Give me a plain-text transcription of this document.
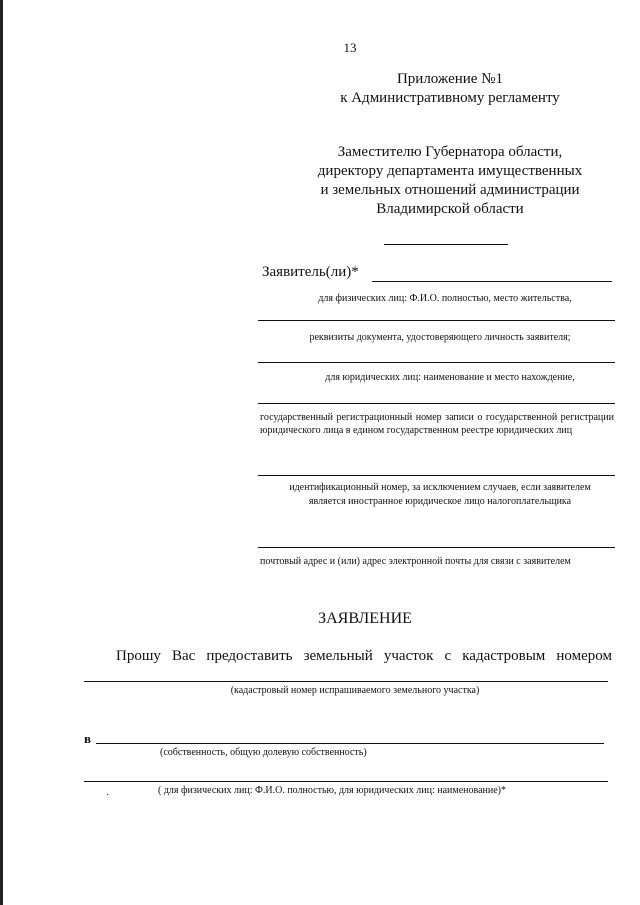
13
Приложение №1
к Административному регламенту
Заместителю Губернатора области,
директору департамента имущественных
и земельных отношений администрации
Владимирской области
Заявитель(ли)*
для физических лиц: Ф.И.О. полностью, место жительства,
реквизиты документа, удостоверяющего личность заявителя;
для юридических лиц: наименование и место нахождение,
государственный регистрационный номер записи о государственной регистрации юридического лица в едином государственном реестре юридических лиц
идентификационный номер, за исключением случаев, если заявителем
является иностранное юридическое лицо налогоплательщика
почтовый адрес и (или) адрес электронной почты для связи с заявителем
ЗАЯВЛЕНИЕ
Прошу Вас предоставить земельный участок с кадастровым номером
(кадастровый номер испрашиваемого земельного участка)
в
(собственность, общую долевую собственность)
·	( для физических лиц: Ф.И.О. полностью, для юридических лиц: наименование)*
